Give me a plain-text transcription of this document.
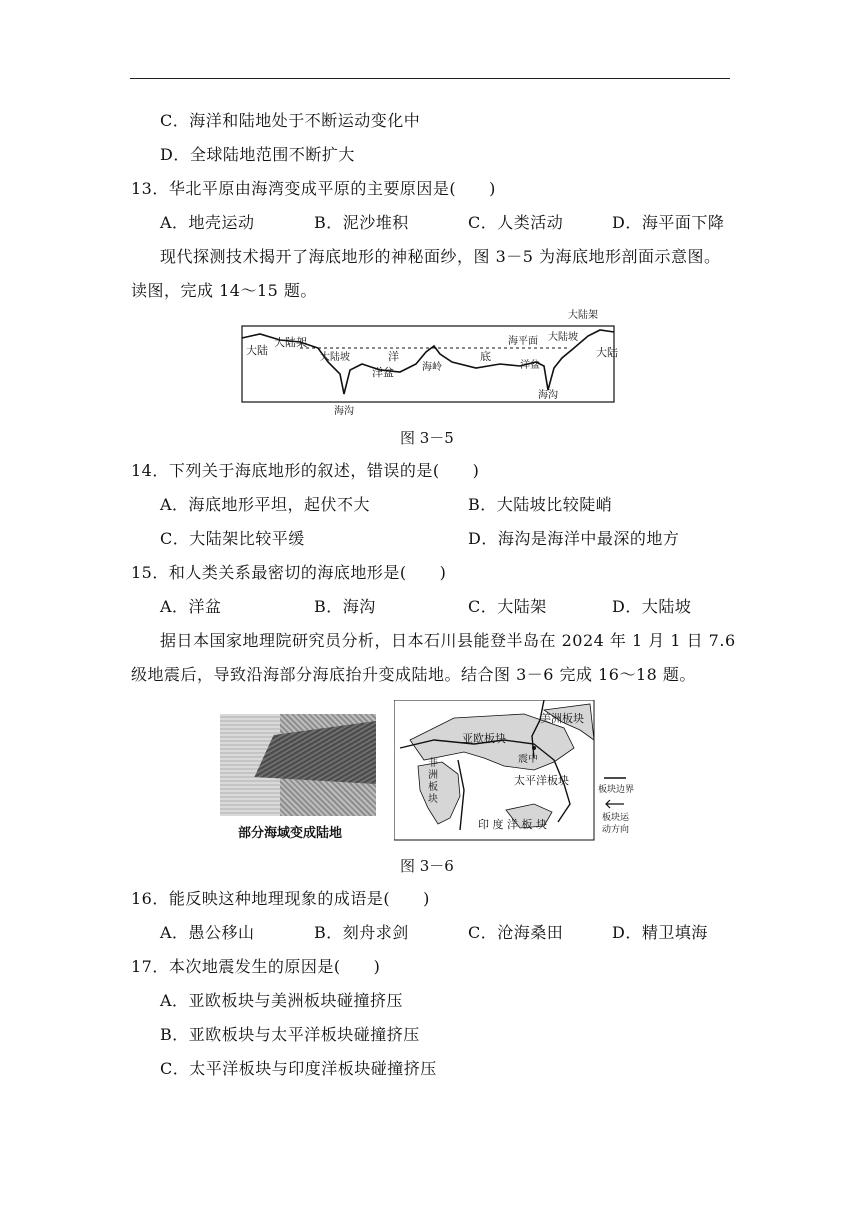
C．海洋和陆地处于不断运动变化中
D．全球陆地范围不断扩大
13．华北平原由海湾变成平原的主要原因是(　　)
A．地壳运动	B．泥沙堆积	C．人类活动	D．海平面下降
现代探测技术揭开了海底地形的神秘面纱，图 3－5 为海底地形剖面示意图。
读图，完成 14～15 题。
大陆
大陆架
大陆坡
海沟
洋
洋盆	海岭
底
海平面
洋盆
大陆坡
大陆架
海沟
大陆
图 3－5
14．下列关于海底地形的叙述，错误的是(　　)
A．海底地形平坦，起伏不大	B．大陆坡比较陡峭
C．大陆架比较平缓	D．海沟是海洋中最深的地方
15．和人类关系最密切的海底地形是(　　)
A．洋盆	B．海沟	C．大陆架	D．大陆坡
据日本国家地理院研究员分析，日本石川县能登半岛在 2024 年 1 月 1 日 7.6
级地震后，导致沿海部分海底抬升变成陆地。结合图 3－6 完成 16～18 题。
部分海域变成陆地
美洲板块
亚欧板块
非
洲
板
块
震中
太平洋板块
印 度 洋 板 块
板块边界
板块运
动方向
图 3－6
16．能反映这种地理现象的成语是(　　)
A．愚公移山	B．刻舟求剑	C．沧海桑田	D．精卫填海
17．本次地震发生的原因是(　　)
A．亚欧板块与美洲板块碰撞挤压
B．亚欧板块与太平洋板块碰撞挤压
C．太平洋板块与印度洋板块碰撞挤压
